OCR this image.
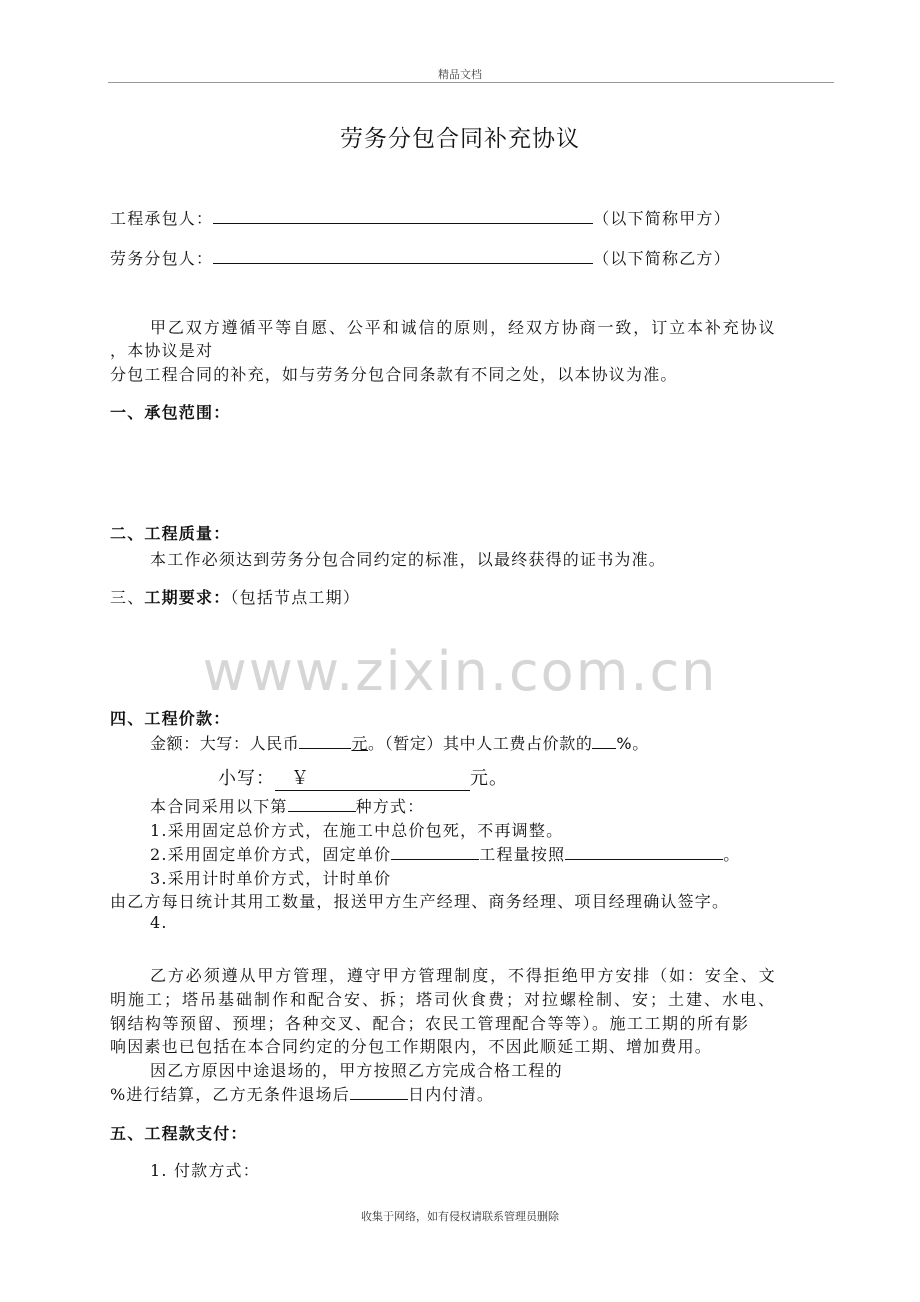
精品文档
劳务分包合同补充协议
工程承包人：	（以下简称甲方）
劳务分包人：	（以下简称乙方）
甲乙双方遵循平等自愿、公平和诚信的原则，经双方协商一致，订立本补充协议
，本协议是对
分包工程合同的补充，如与劳务分包合同条款有不同之处，以本协议为准。
一、承包范围：
二、工程质量：
本工作必须达到劳务分包合同约定的标准，以最终获得的证书为准。
三、工期要求：（包括节点工期）
www.zixin.com.cn
四、工程价款：
金额：大写：人民币	元。（暂定）其中人工费占价款的 %。
小写： ￥	元。
本合同采用以下第	种方式：
1.采用固定总价方式，在施工中总价包死，不再调整。
2.采用固定单价方式，固定单价	工程量按照	。
3.采用计时单价方式，计时单价
由乙方每日统计其用工数量，报送甲方生产经理、商务经理、项目经理确认签字。
4.
乙方必须遵从甲方管理，遵守甲方管理制度，不得拒绝甲方安排（如：安全、文
明施工；塔吊基础制作和配合安、拆；塔司伙食费；对拉螺栓制、安；土建、水电、
钢结构等预留、预埋；各种交叉、配合；农民工管理配合等等）。施工工期的所有影
响因素也已包括在本合同约定的分包工作期限内，不因此顺延工期、增加费用。
因乙方原因中途退场的，甲方按照乙方完成合格工程的
%进行结算，乙方无条件退场后	日内付清。
五、工程款支付：
1. 付款方式：
收集于网络，如有侵权请联系管理员删除
